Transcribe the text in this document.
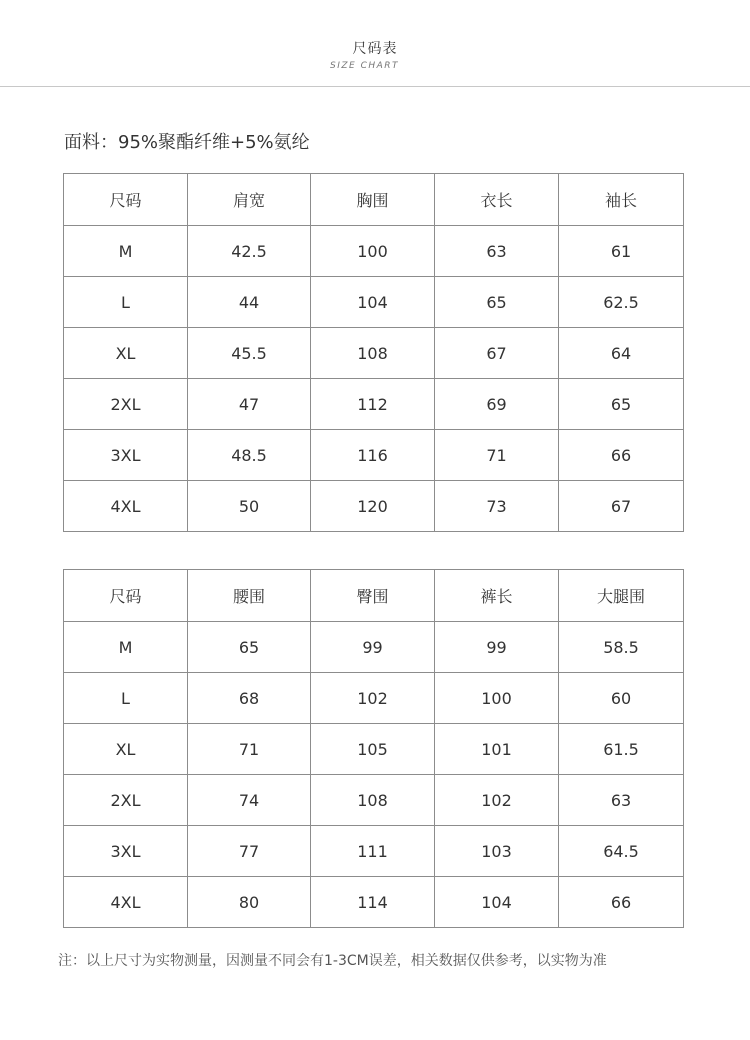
尺码表
SIZE CHART
面料：95%聚酯纤维+5%氨纶
尺码	肩宽	胸围	衣长	袖长
M	42.5	100	63	61
L	44	104	65	62.5
XL	45.5	108	67	64
2XL	47	112	69	65
3XL	48.5	116	71	66
4XL	50	120	73	67
尺码	腰围	臀围	裤长	大腿围
M	65	99	99	58.5
L	68	102	100	60
XL	71	105	101	61.5
2XL	74	108	102	63
3XL	77	111	103	64.5
4XL	80	114	104	66
注：以上尺寸为实物测量，因测量不同会有1-3CM误差，相关数据仅供参考，以实物为准
